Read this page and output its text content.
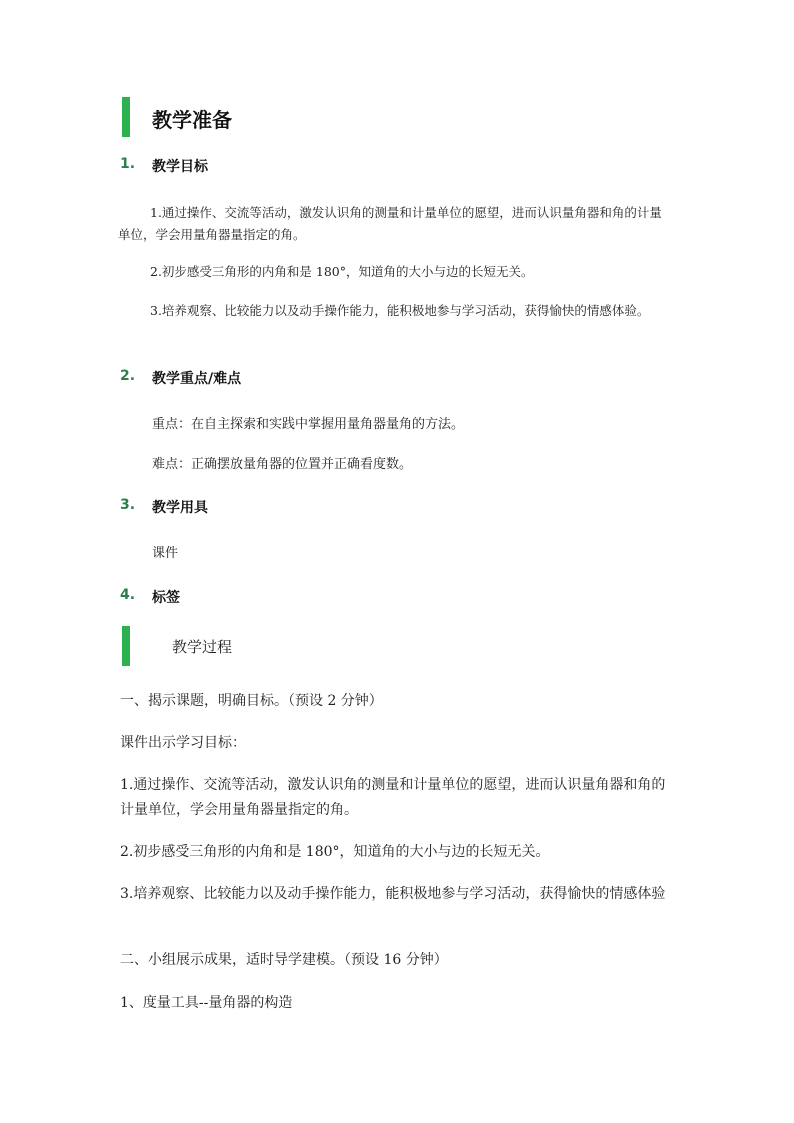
教学准备
1. 教学目标
1.通过操作、交流等活动，激发认识角的测量和计量单位的愿望，进而认识量角器和角的计量单位，学会用量角器量指定的角。
2.初步感受三角形的内角和是 180°，知道角的大小与边的长短无关。
3.培养观察、比较能力以及动手操作能力，能积极地参与学习活动，获得愉快的情感体验。
2. 教学重点/难点
重点：在自主探索和实践中掌握用量角器量角的方法。
难点：正确摆放量角器的位置并正确看度数。
3. 教学用具
课件
4. 标签
教学过程
一、揭示课题，明确目标。（预设 2 分钟）
课件出示学习目标：
1.通过操作、交流等活动，激发认识角的测量和计量单位的愿望，进而认识量角器和角的计量单位，学会用量角器量指定的角。
2.初步感受三角形的内角和是 180°，知道角的大小与边的长短无关。
3.培养观察、比较能力以及动手操作能力，能积极地参与学习活动，获得愉快的情感体验
二、小组展示成果，适时导学建模。（预设 16 分钟）
1、度量工具--量角器的构造
